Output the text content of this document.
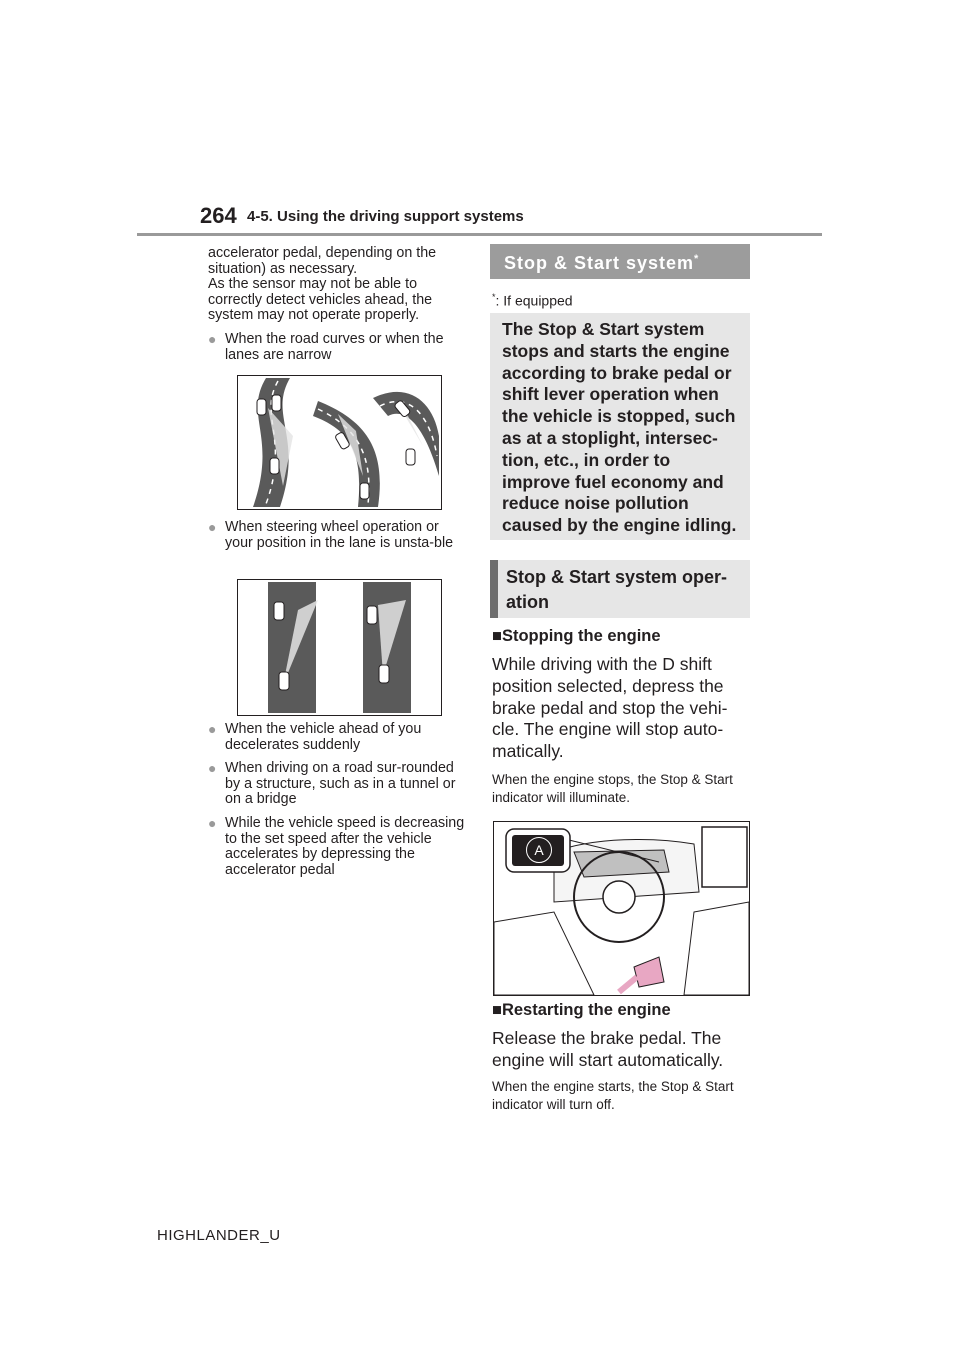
264 4-5. Using the driving support systems
accelerator pedal, depending on the situation) as necessary.
As the sensor may not be able to correctly detect vehicles ahead, the system may not operate properly.
● When the road curves or when the lanes are narrow
● When steering wheel operation or your position in the lane is unsta-ble
● When the vehicle ahead of you decelerates suddenly
● When driving on a road sur-rounded by a structure, such as in a tunnel or on a bridge
● While the vehicle speed is decreasing to the set speed after the vehicle accelerates by depressing the accelerator pedal
Stop & Start system*
*: If equipped
The Stop & Start system stops and starts the engine according to brake pedal or shift lever operation when the vehicle is stopped, such as at a stoplight, intersec-tion, etc., in order to improve fuel economy and reduce noise pollution caused by the engine idling.
Stop & Start system oper-ation
■Stopping the engine
While driving with the D shift position selected, depress the brake pedal and stop the vehi-cle. The engine will stop auto-matically.
When the engine stops, the Stop & Start indicator will illuminate.
A
■Restarting the engine
Release the brake pedal. The engine will start automatically.
When the engine starts, the Stop & Start indicator will turn off.
HIGHLANDER_U
